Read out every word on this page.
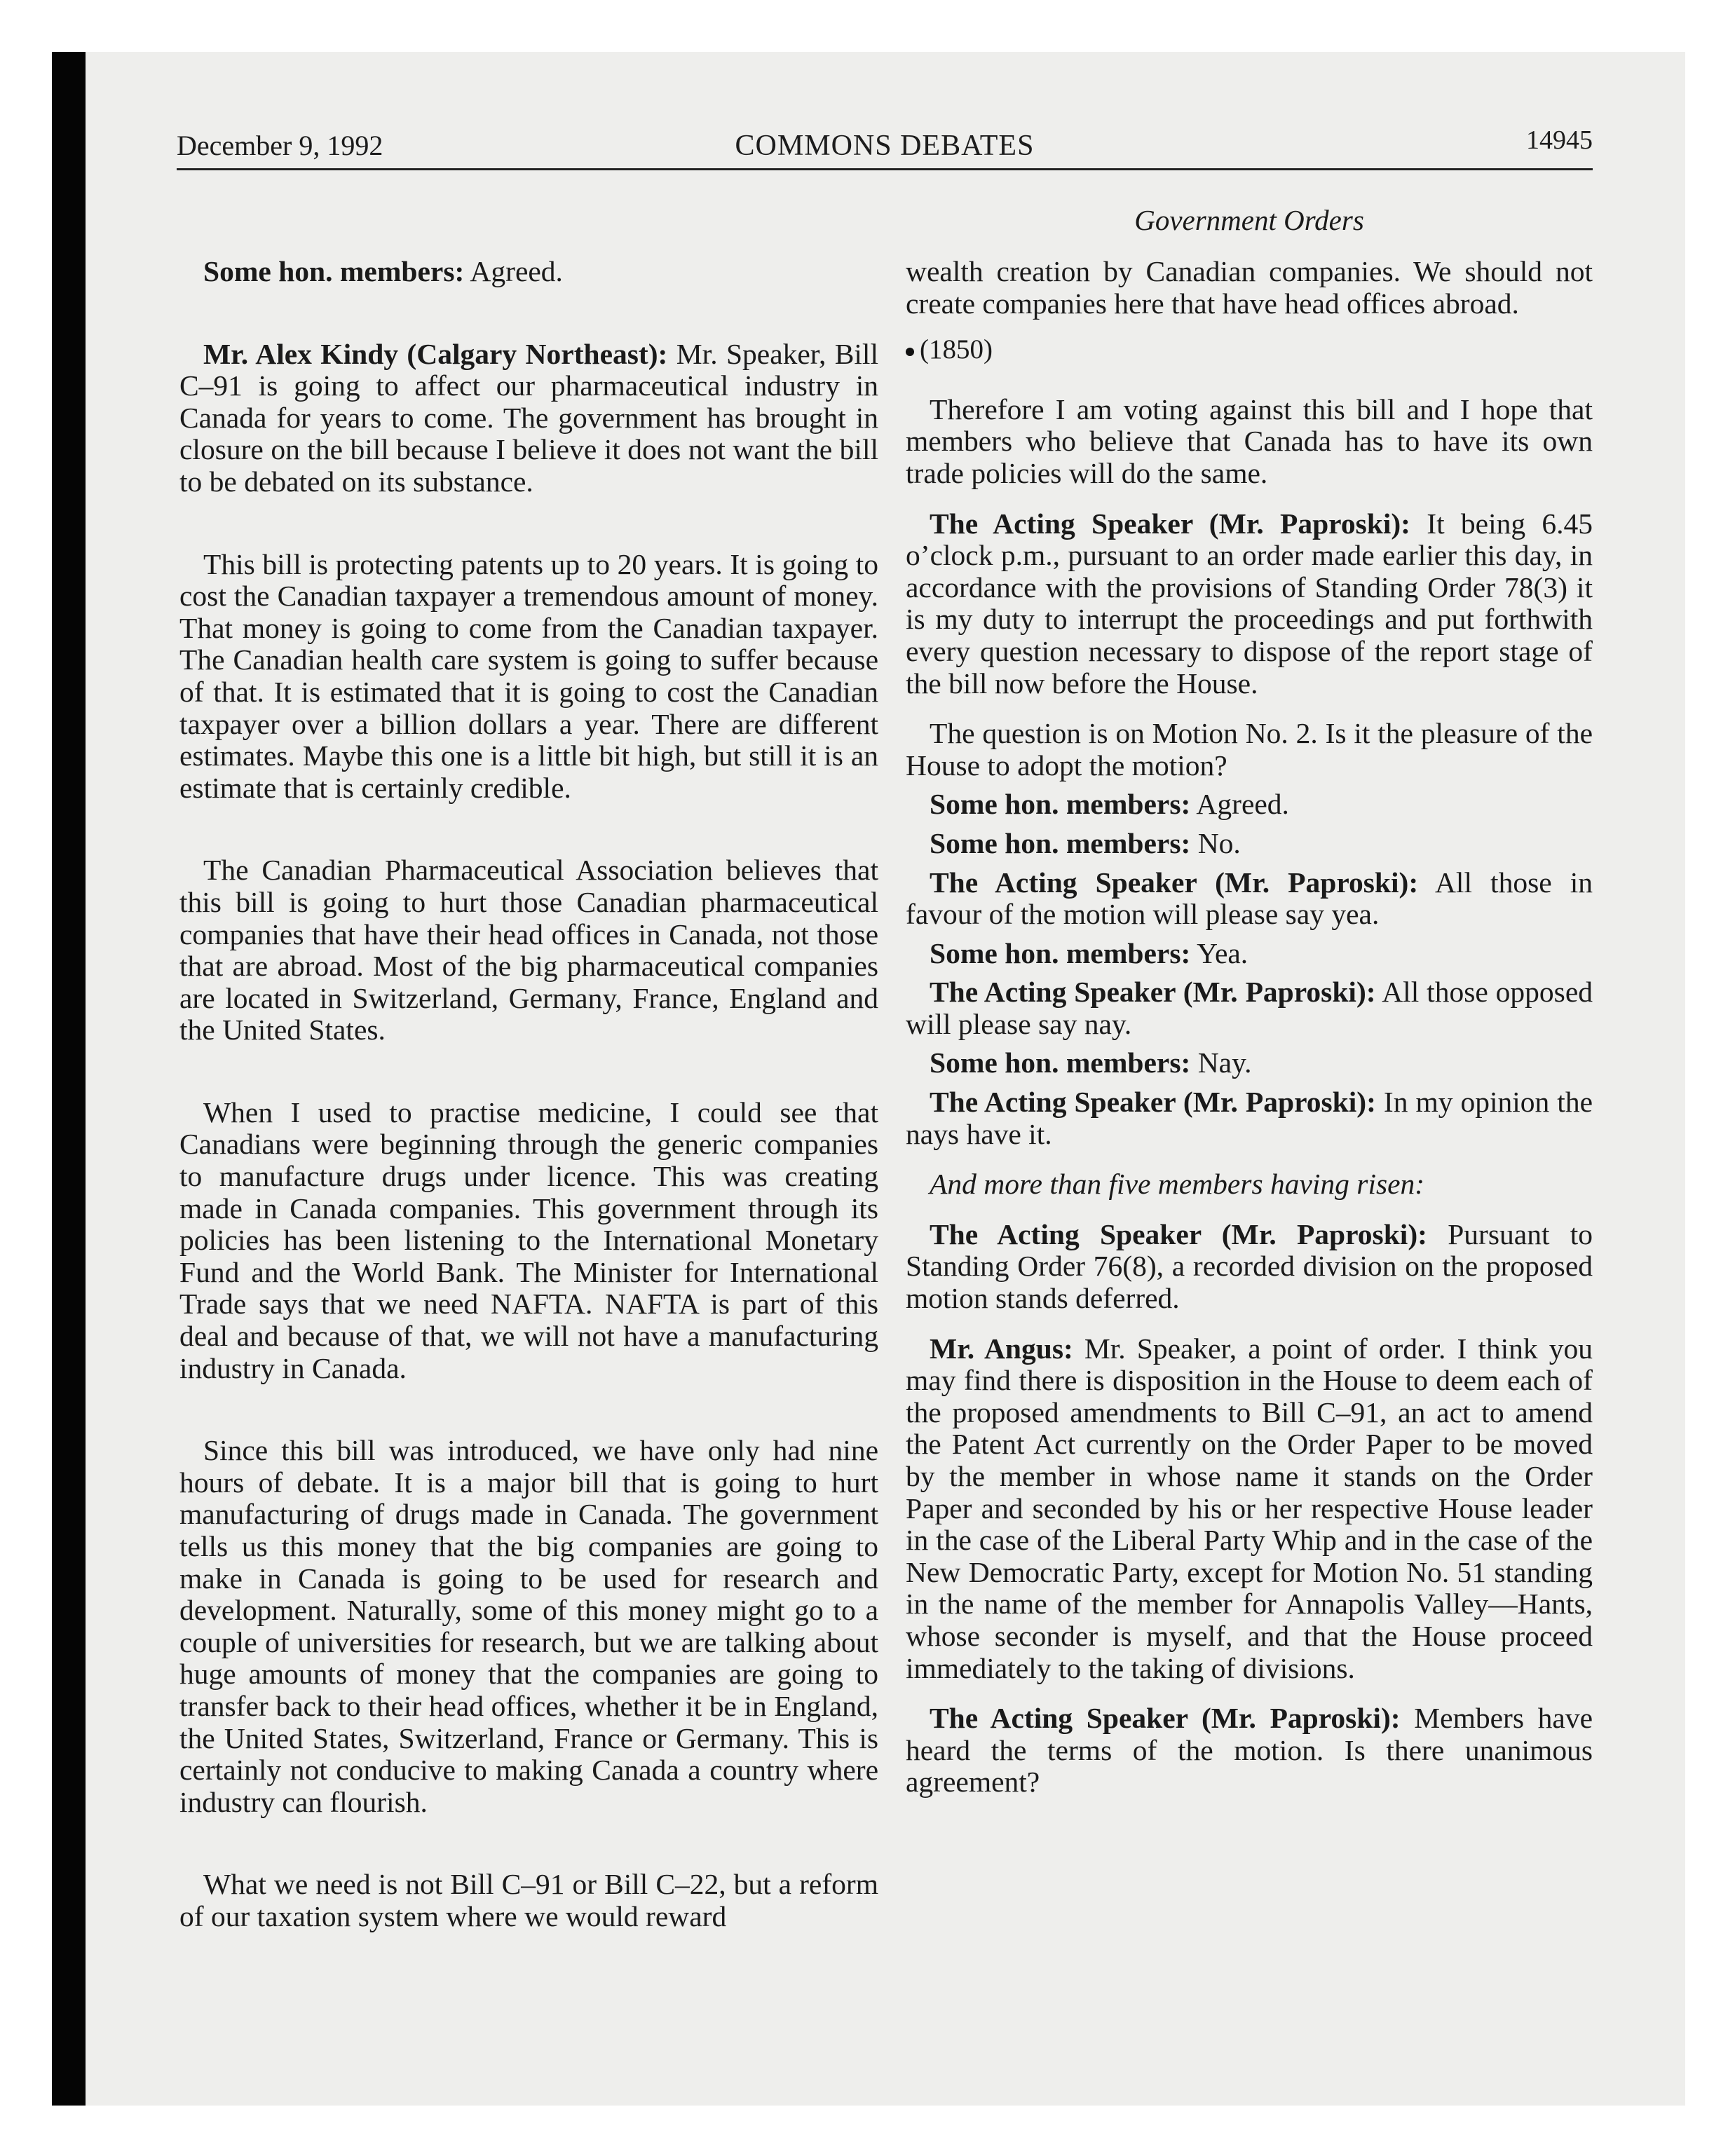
December 9, 1992	COMMONS DEBATES	14945
Government Orders

Some hon. members: Agreed.

Mr. Alex Kindy (Calgary Northeast): Mr. Speaker, Bill C–91 is going to affect our pharmaceutical industry in Canada for years to come. The government has brought in closure on the bill because I believe it does not want the bill to be debated on its substance.

This bill is protecting patents up to 20 years. It is going to cost the Canadian taxpayer a tremendous amount of money. That money is going to come from the Canadian taxpayer. The Canadian health care system is going to suffer because of that. It is estimated that it is going to cost the Canadian taxpayer over a billion dollars a year. There are different estimates. Maybe this one is a little bit high, but still it is an estimate that is certainly credible.

The Canadian Pharmaceutical Association believes that this bill is going to hurt those Canadian pharmaceutical companies that have their head offices in Canada, not those that are abroad. Most of the big pharmaceutical companies are located in Switzerland, Germany, France, England and the United States.

When I used to practise medicine, I could see that Canadians were beginning through the generic companies to manufacture drugs under licence. This was creating made in Canada companies. This government through its policies has been listening to the International Monetary Fund and the World Bank. The Minister for International Trade says that we need NAFTA. NAFTA is part of this deal and because of that, we will not have a manufacturing industry in Canada.

Since this bill was introduced, we have only had nine hours of debate. It is a major bill that is going to hurt manufacturing of drugs made in Canada. The government tells us this money that the big companies are going to make in Canada is going to be used for research and development. Naturally, some of this money might go to a couple of universities for research, but we are talking about huge amounts of money that the companies are going to transfer back to their head offices, whether it be in England, the United States, Switzerland, France or Germany. This is certainly not conducive to making Canada a country where industry can flourish.

What we need is not Bill C–91 or Bill C–22, but a reform of our taxation system where we would reward

wealth creation by Canadian companies. We should not create companies here that have head offices abroad.

(1850)

Therefore I am voting against this bill and I hope that members who believe that Canada has to have its own trade policies will do the same.

The Acting Speaker (Mr. Paproski): It being 6.45 o’clock p.m., pursuant to an order made earlier this day, in accordance with the provisions of Standing Order 78(3) it is my duty to interrupt the proceedings and put forthwith every question necessary to dispose of the report stage of the bill now before the House.

The question is on Motion No. 2. Is it the pleasure of the House to adopt the motion?

Some hon. members: Agreed.

Some hon. members: No.

The Acting Speaker (Mr. Paproski): All those in favour of the motion will please say yea.

Some hon. members: Yea.

The Acting Speaker (Mr. Paproski): All those opposed will please say nay.

Some hon. members: Nay.

The Acting Speaker (Mr. Paproski): In my opinion the nays have it.

And more than five members having risen:

The Acting Speaker (Mr. Paproski): Pursuant to Standing Order 76(8), a recorded division on the proposed motion stands deferred.

Mr. Angus: Mr. Speaker, a point of order. I think you may find there is disposition in the House to deem each of the proposed amendments to Bill C–91, an act to amend the Patent Act currently on the Order Paper to be moved by the member in whose name it stands on the Order Paper and seconded by his or her respective House leader in the case of the Liberal Party Whip and in the case of the New Democratic Party, except for Motion No. 51 standing in the name of the member for Annapolis Valley—Hants, whose seconder is myself, and that the House proceed immediately to the taking of divisions.

The Acting Speaker (Mr. Paproski): Members have heard the terms of the motion. Is there unanimous agreement?
